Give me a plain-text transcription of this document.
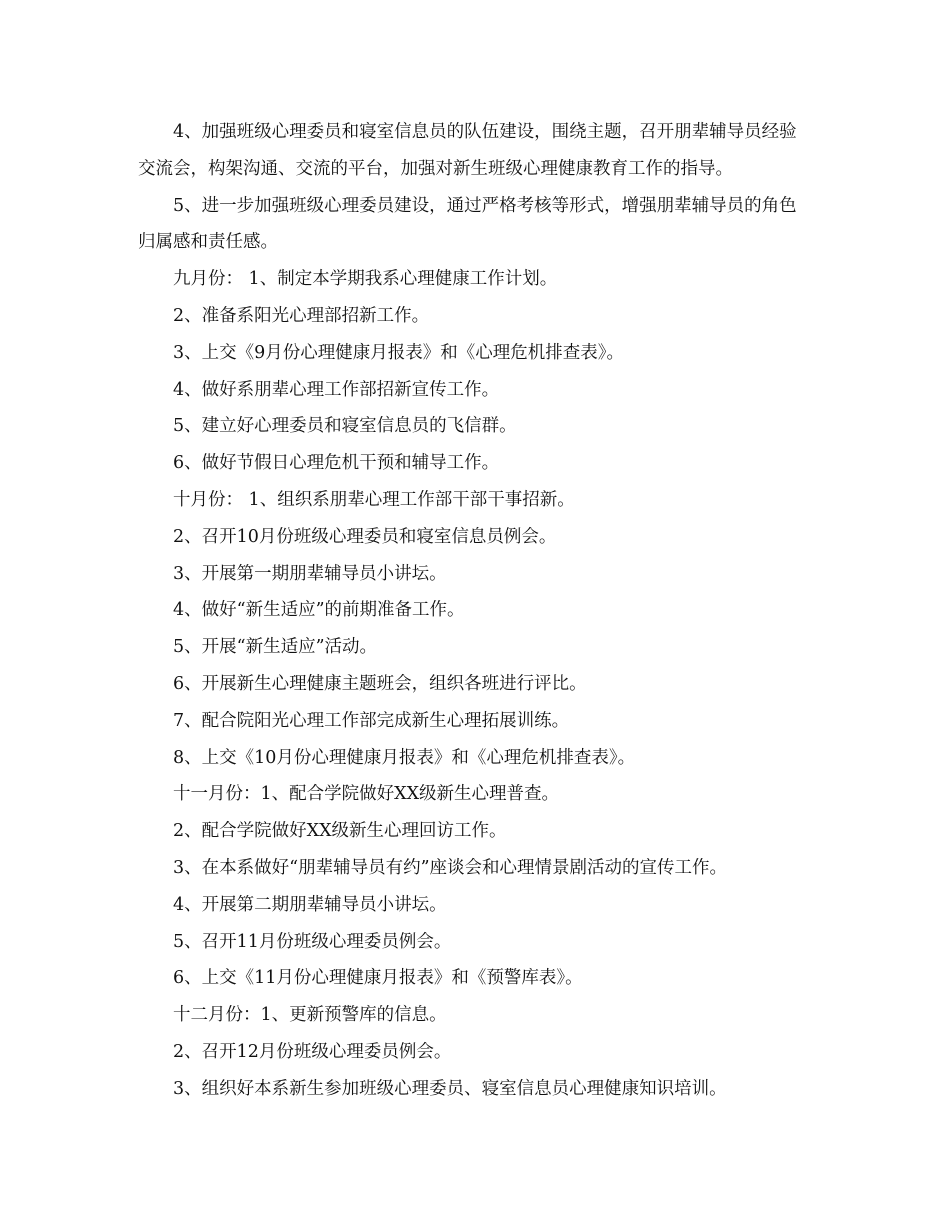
4、加强班级心理委员和寝室信息员的队伍建设，围绕主题，召开朋辈辅导员经验交流会，构架沟通、交流的平台，加强对新生班级心理健康教育工作的指导。

5、进一步加强班级心理委员建设，通过严格考核等形式，增强朋辈辅导员的角色归属感和责任感。

九月份： 1、制定本学期我系心理健康工作计划。

2、准备系阳光心理部招新工作。

3、上交《9月份心理健康月报表》和《心理危机排查表》。

4、做好系朋辈心理工作部招新宣传工作。

5、建立好心理委员和寝室信息员的飞信群。

6、做好节假日心理危机干预和辅导工作。

十月份： 1、组织系朋辈心理工作部干部干事招新。

2、召开10月份班级心理委员和寝室信息员例会。

3、开展第一期朋辈辅导员小讲坛。

4、做好“新生适应”的前期准备工作。

5、开展“新生适应”活动。

6、开展新生心理健康主题班会，组织各班进行评比。

7、配合院阳光心理工作部完成新生心理拓展训练。

8、上交《10月份心理健康月报表》和《心理危机排查表》。

十一月份：1、配合学院做好XX级新生心理普查。

2、配合学院做好XX级新生心理回访工作。

3、在本系做好“朋辈辅导员有约”座谈会和心理情景剧活动的宣传工作。

4、开展第二期朋辈辅导员小讲坛。

5、召开11月份班级心理委员例会。

6、上交《11月份心理健康月报表》和《预警库表》。

十二月份：1、更新预警库的信息。

2、召开12月份班级心理委员例会。

3、组织好本系新生参加班级心理委员、寝室信息员心理健康知识培训。
